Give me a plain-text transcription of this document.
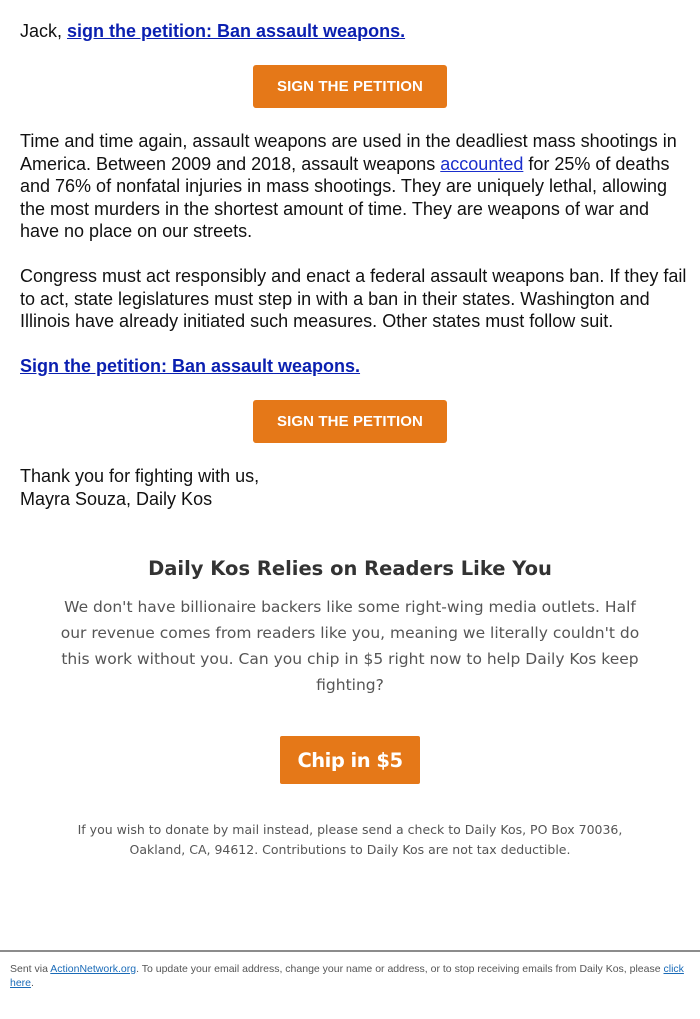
Jack, sign the petition: Ban assault weapons.

SIGN THE PETITION

Time and time again, assault weapons are used in the deadliest mass shootings in America. Between 2009 and 2018, assault weapons accounted for 25% of deaths and 76% of nonfatal injuries in mass shootings. They are uniquely lethal, allowing the most murders in the shortest amount of time. They are weapons of war and have no place on our streets.

Congress must act responsibly and enact a federal assault weapons ban. If they fail to act, state legislatures must step in with a ban in their states. Washington and Illinois have already initiated such measures. Other states must follow suit.

Sign the petition: Ban assault weapons.

SIGN THE PETITION

Thank you for fighting with us,
Mayra Souza, Daily Kos

Daily Kos Relies on Readers Like You

We don't have billionaire backers like some right-wing media outlets. Half our revenue comes from readers like you, meaning we literally couldn't do this work without you. Can you chip in $5 right now to help Daily Kos keep fighting?

Chip in $5

If you wish to donate by mail instead, please send a check to Daily Kos, PO Box 70036, Oakland, CA, 94612. Contributions to Daily Kos are not tax deductible.

Sent via ActionNetwork.org. To update your email address, change your name or address, or to stop receiving emails from Daily Kos, please click here.
